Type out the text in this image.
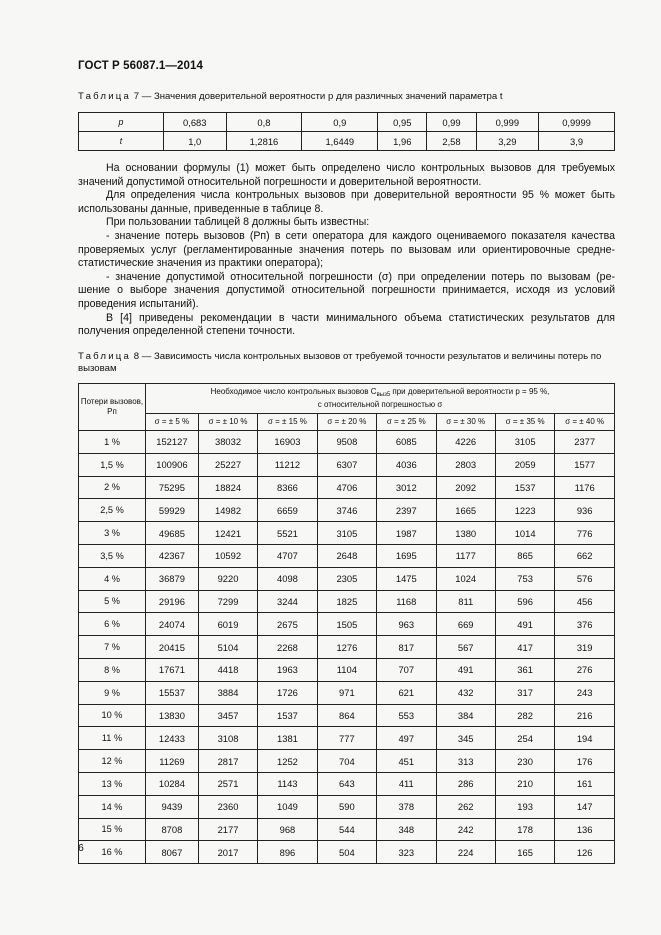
ГОСТ Р 56087.1—2014
Таблица 7 — Значения доверительной вероятности p для различных значений параметра t
p	0,683	0,8	0,9	0,95	0,99	0,999	0,9999
t	1,0	1,2816	1,6449	1,96	2,58	3,29	3,9

На основании формулы (1) может быть определено число контрольных вызовов для требуемых значений допустимой относительной погрешности и доверительной вероятности.

Для определения числа контрольных вызовов при доверительной вероятности 95 % может быть использованы данные, приведенные в таблице 8.

При пользовании таблицей 8 должны быть известны:

- значение потерь вызовов (Pп) в сети оператора для каждого оцениваемого показателя качества проверяемых услуг (регламентированные значения потерь по вызовам или ориентировочные средне-статистические значения из практики оператора);

- значение допустимой относительной погрешности (σ) при определении потерь по вызовам (ре-шение о выборе значения допустимой относительной погрешности принимается, исходя из условий проведения испытаний).

В [4] приведены рекомендации в части минимального объема статистических результатов для получения определенной степени точности.

Таблица 8 — Зависимость числа контрольных вызовов от требуемой точности результатов и величины потерь по вызовам
Потери вызовов, Pп	Необходимое число контрольных вызовов $C_{выз5}$ при доверительной вероятности p = 95 %,
с относительной погрешностью σ							
	σ = ± 5 %	σ = ± 10 %	σ = ± 15 %	σ = ± 20 %	σ = ± 25 %	σ = ± 30 %	σ = ± 35 %	σ = ± 40 %
1 %	152127	38032	16903	9508	6085	4226	3105	2377
1,5 %	100906	25227	11212	6307	4036	2803	2059	1577
2 %	75295	18824	8366	4706	3012	2092	1537	1176
2,5 %	59929	14982	6659	3746	2397	1665	1223	936
3 %	49685	12421	5521	3105	1987	1380	1014	776
3,5 %	42367	10592	4707	2648	1695	1177	865	662
4 %	36879	9220	4098	2305	1475	1024	753	576
5 %	29196	7299	3244	1825	1168	811	596	456
6 %	24074	6019	2675	1505	963	669	491	376
7 %	20415	5104	2268	1276	817	567	417	319
8 %	17671	4418	1963	1104	707	491	361	276
9 %	15537	3884	1726	971	621	432	317	243
10 %	13830	3457	1537	864	553	384	282	216
11 %	12433	3108	1381	777	497	345	254	194
12 %	11269	2817	1252	704	451	313	230	176
13 %	10284	2571	1143	643	411	286	210	161
14 %	9439	2360	1049	590	378	262	193	147
15 %	8708	2177	968	544	348	242	178	136
16 %	8067	2017	896	504	323	224	165	126
6
